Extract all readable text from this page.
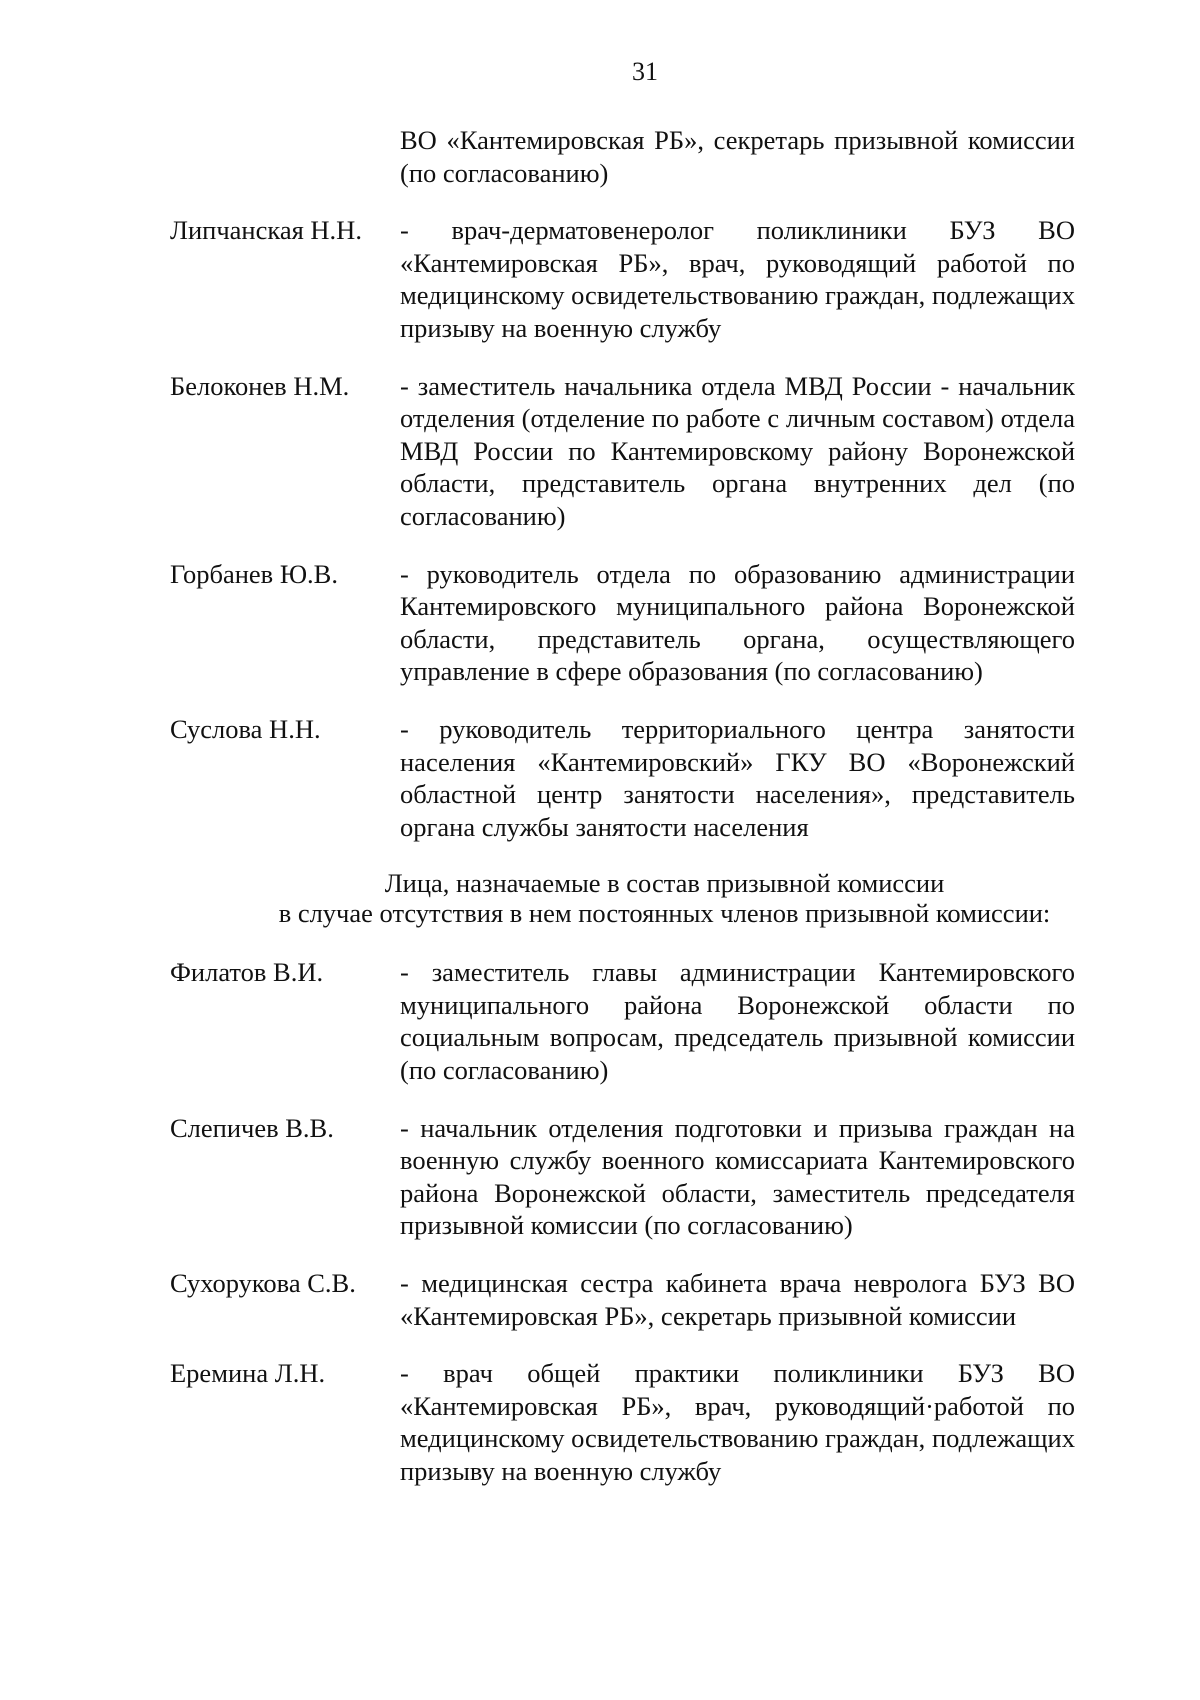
31
ВО «Кантемировская РБ», секретарь призывной комиссии (по согласованию)
Липчанская Н.Н.	- врач-дерматовенеролог поликлиники БУЗ ВО «Кантемировская РБ», врач, руководящий работой по медицинскому освидетельствованию граждан, подлежащих призыву на военную службу
Белоконев Н.М.	- заместитель начальника отдела МВД России - начальник отделения (отделение по работе с личным составом) отдела МВД России по Кантемировскому району Воронежской области, представитель органа внутренних дел (по согласованию)
Горбанев Ю.В.	- руководитель отдела по образованию администрации Кантемировского муниципального района Воронежской области, представитель органа, осуществляющего управление в сфере образования (по согласованию)
Суслова Н.Н.	- руководитель территориального центра занятости населения «Кантемировский» ГКУ ВО «Воронежский областной центр занятости населения», представитель органа службы занятости населения
Лица, назначаемые в состав призывной комиссии
в случае отсутствия в нем постоянных членов призывной комиссии:
Филатов В.И.	- заместитель главы администрации Кантемировского муниципального района Воронежской области по социальным вопросам, председатель призывной комиссии (по согласованию)
Слепичев В.В.	- начальник отделения подготовки и призыва граждан на военную службу военного комиссариата Кантемировского района Воронежской области, заместитель председателя призывной комиссии (по согласованию)
Сухорукова С.В.	- медицинская сестра кабинета врача невролога БУЗ ВО «Кантемировская РБ», секретарь призывной комиссии
Еремина Л.Н.	- врач общей практики поликлиники БУЗ ВО «Кантемировская РБ», врач, руководящий·работой по медицинскому освидетельствованию граждан, подлежащих призыву на военную службу
